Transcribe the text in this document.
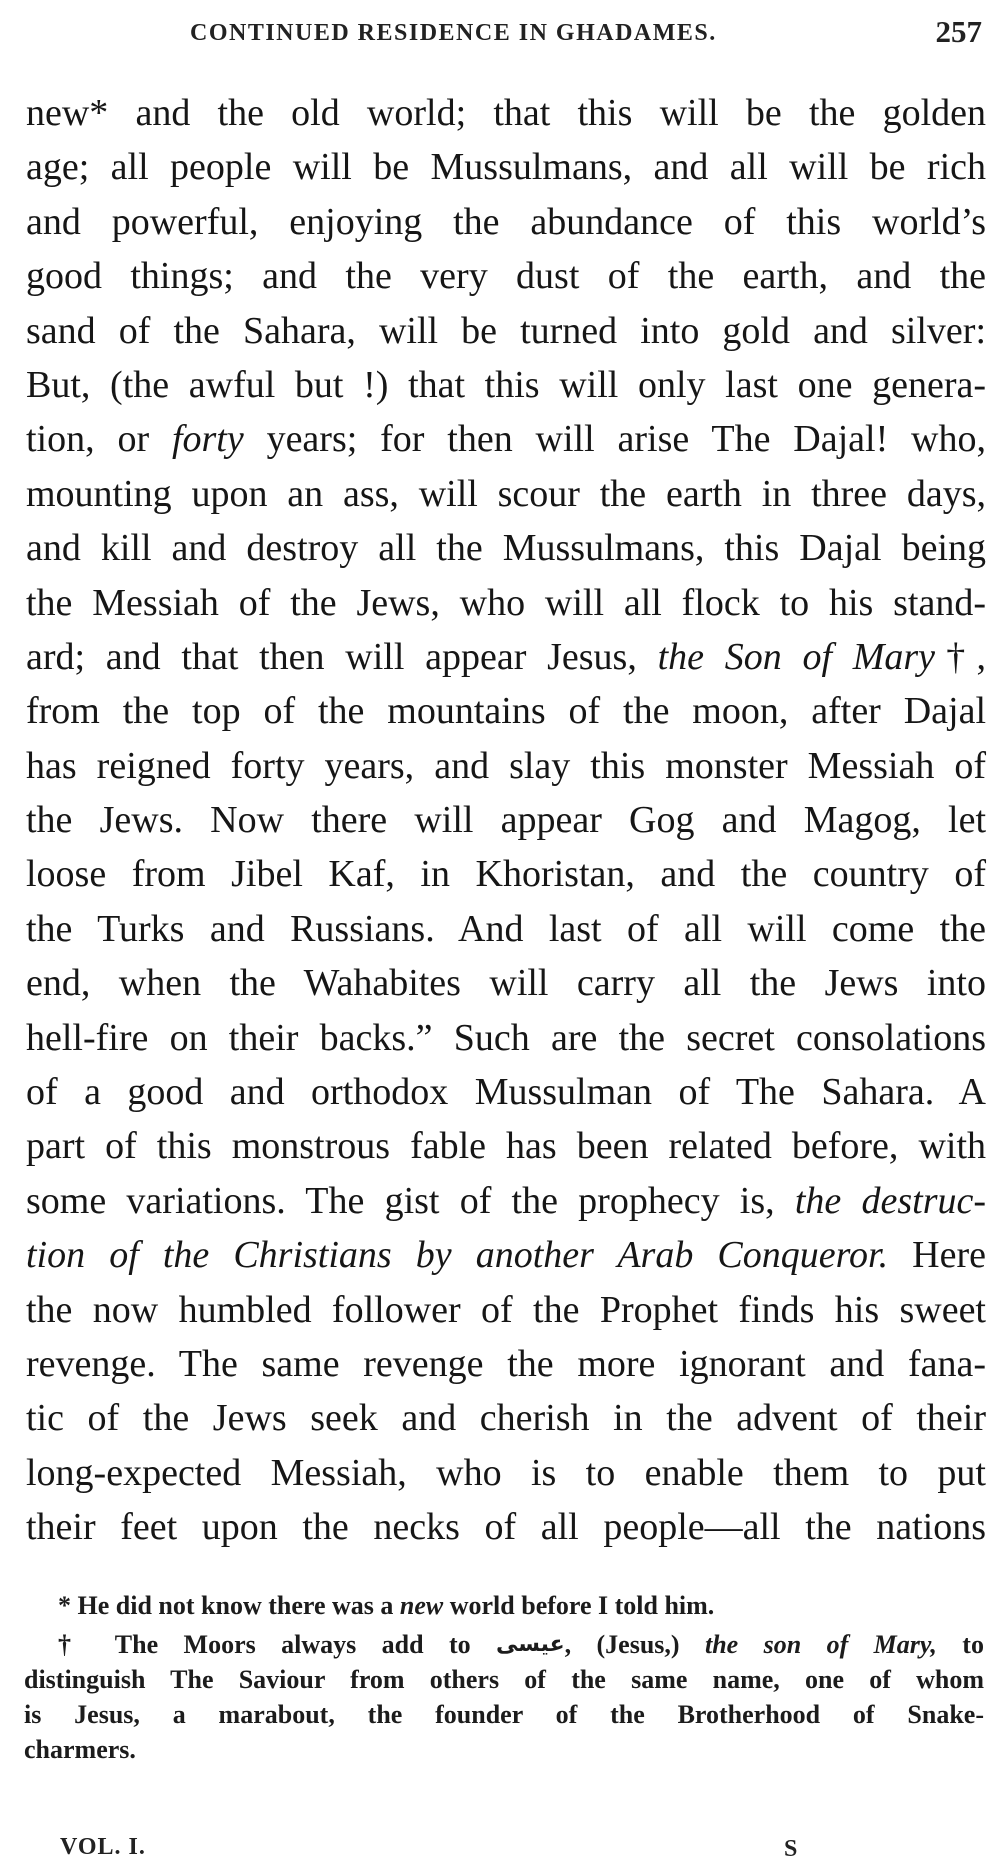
CONTINUED RESIDENCE IN GHADAMES.	257
new* and the old world; that this will be the golden
age; all people will be Mussulmans, and all will be rich
and powerful, enjoying the abundance of this world’s
good things; and the very dust of the earth, and the
sand of the Sahara, will be turned into gold and silver:
But, (the awful but !) that this will only last one genera-
tion, or forty years; for then will arise The Dajal! who,
mounting upon an ass, will scour the earth in three days,
and kill and destroy all the Mussulmans, this Dajal being
the Messiah of the Jews, who will all flock to his stand-
ard; and that then will appear Jesus, the Son of Mary†,
from the top of the mountains of the moon, after Dajal
has reigned forty years, and slay this monster Messiah of
the Jews. Now there will appear Gog and Magog, let
loose from Jibel Kaf, in Khoristan, and the country of
the Turks and Russians. And last of all will come the
end, when the Wahabites will carry all the Jews into
hell-fire on their backs.” Such are the secret consolations
of a good and orthodox Mussulman of The Sahara. A
part of this monstrous fable has been related before, with
some variations. The gist of the prophecy is, the destruc-
tion of the Christians by another Arab Conqueror. Here
the now humbled follower of the Prophet finds his sweet
revenge. The same revenge the more ignorant and fana-
tic of the Jews seek and cherish in the advent of their
long-expected Messiah, who is to enable them to put
their feet upon the necks of all people—all the nations
* He did not know there was a new world before I told him.
† The Moors always add to عيسى, (Jesus,) the son of Mary, to
distinguish The Saviour from others of the same name, one of whom
is Jesus, a marabout, the founder of the Brotherhood of Snake-
charmers.
VOL. I.	S
